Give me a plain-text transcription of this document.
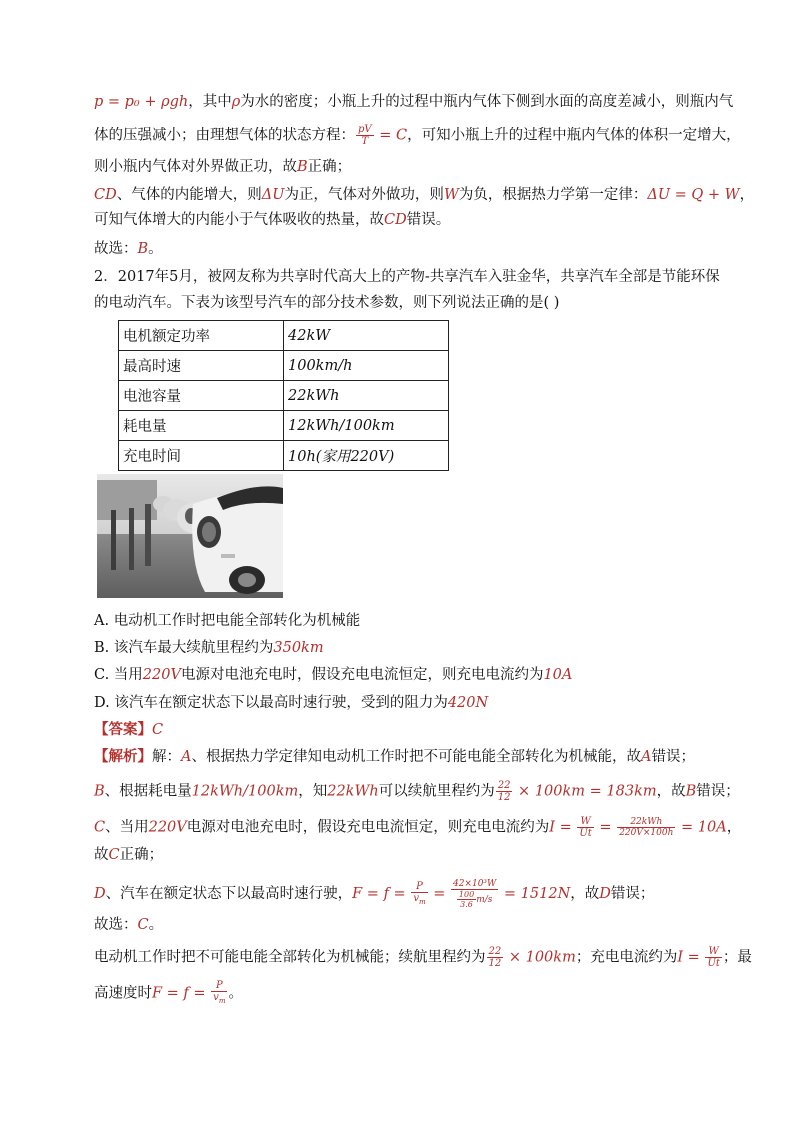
p = p₀ + ρgh，其中ρ为水的密度；小瓶上升的过程中瓶内气体下侧到水面的高度差减小，则瓶内气
体的压强减小；由理想气体的状态方程： $\frac{pV}{T} = C$，可知小瓶上升的过程中瓶内气体的体积一定增大，
则小瓶内气体对外界做正功，故B正确；
CD、气体的内能增大，则ΔU为正，气体对外做功，则W为负，根据热力学第一定律：ΔU = Q + W，
可知气体增大的内能小于气体吸收的热量，故CD错误。
故选：B。
2．2017年5月，被网友称为共享时代高大上的产物-共享汽车入驻金华，共享汽车全部是节能环保
的电动汽车。下表为该型号汽车的部分技术参数，则下列说法正确的是( )
电机额定功率	42kW
最高时速	100km/h
电池容量	22kWh
耗电量	12kWh/100km
充电时间	10h(家用220V)
A. 电动机工作时把电能全部转化为机械能
B. 该汽车最大续航里程约为350km
C. 当用220V电源对电池充电时，假设充电电流恒定，则充电电流约为10A
D. 该汽车在额定状态下以最高时速行驶，受到的阻力为420N
【答案】C
【解析】解：A、根据热力学定律知电动机工作时把不可能电能全部转化为机械能，故A错误；
B、根据耗电量12kWh/100km，知22kWh可以续航里程约为 $\frac{22}{12} \times 100km = 183km$，故B错误；
C、当用220V电源对电池充电时，假设充电电流恒定，则充电电流约为$I = \frac{W}{Ut} = \frac{\text{22kWh}}{220V\times 100h} = 10A$，
故C正确；
D、汽车在额定状态下以最高时速行驶，$F = f = \frac{P}{v_m} = \frac{\text{42×10³W}}{\frac{100}{3.6} m/s} = 1512N$，故D错误；
故选：C。
电动机工作时把不可能电能全部转化为机械能；续航里程约为 $\frac{22}{12} \times 100km$；充电电流约为$I = \frac{W}{Ut}$ ；最
高速度时$F = f = \frac{P}{v_m}$ 。
